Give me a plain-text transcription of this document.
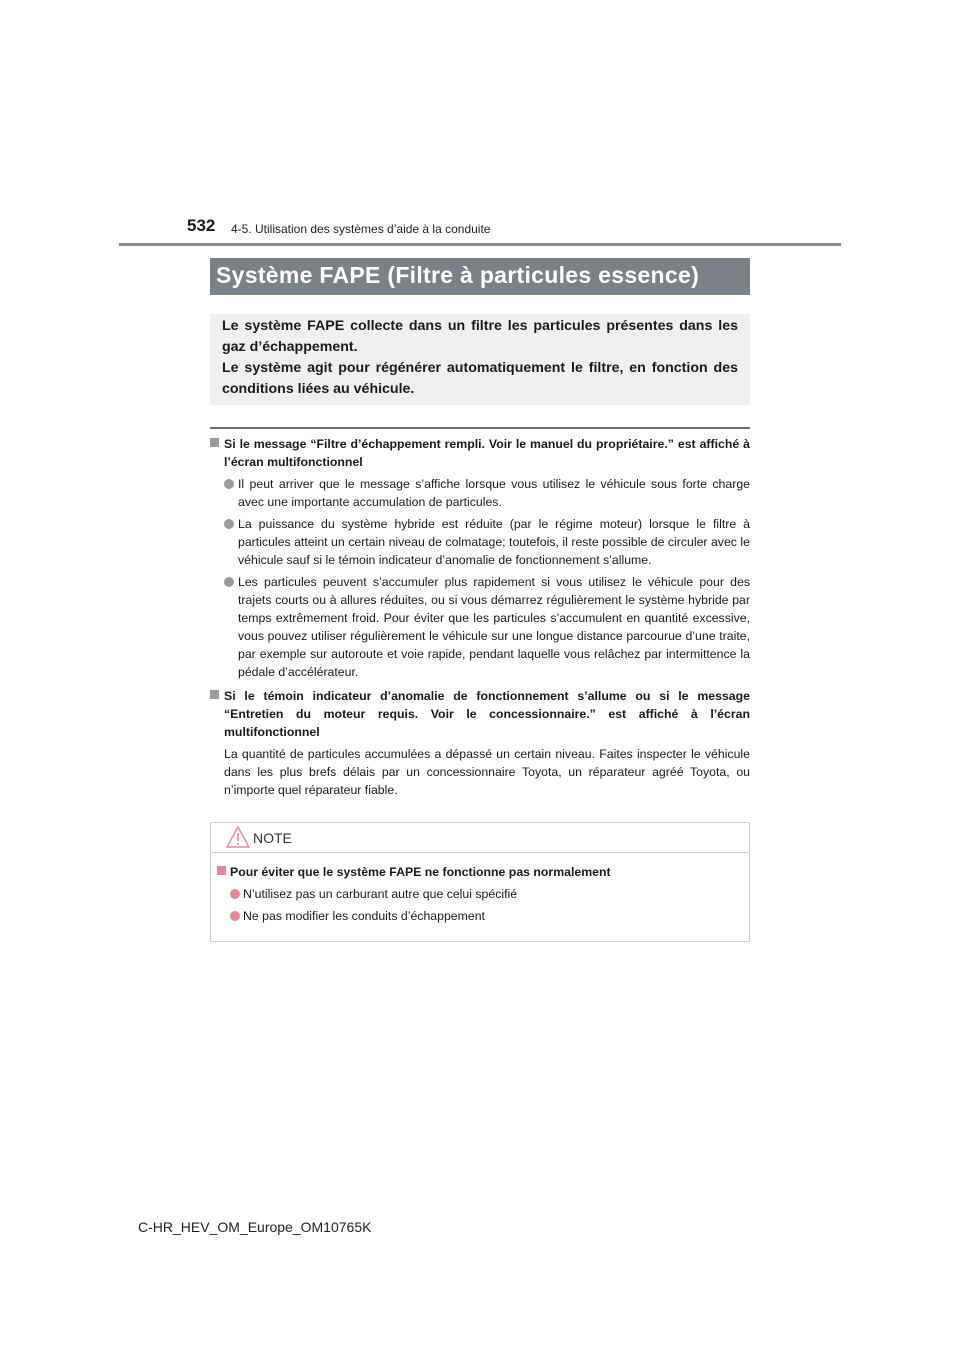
532 4-5. Utilisation des systèmes d’aide à la conduite
Système FAPE (Filtre à particules essence)

Le système FAPE collecte dans un filtre les particules présentes dans les gaz d’échappement.

Le système agit pour régénérer automatiquement le filtre, en fonction des conditions liées au véhicule.

Si le message “Filtre d’échappement rempli. Voir le manuel du propriétaire.” est affiché à l’écran multifonctionnel
Il peut arriver que le message s’affiche lorsque vous utilisez le véhicule sous forte charge avec une importante accumulation de particules.
La puissance du système hybride est réduite (par le régime moteur) lorsque le filtre à particules atteint un certain niveau de colmatage; toutefois, il reste possible de circuler avec le véhicule sauf si le témoin indicateur d’anomalie de fonctionnement s’allume.
Les particules peuvent s’accumuler plus rapidement si vous utilisez le véhicule pour des trajets courts ou à allures réduites, ou si vous démarrez régulièrement le système hybride par temps extrêmement froid. Pour éviter que les particules s’accumulent en quantité excessive, vous pouvez utiliser régulièrement le véhicule sur une longue distance parcourue d’une traite, par exemple sur autoroute et voie rapide, pendant laquelle vous relâchez par intermittence la pédale d’accélérateur.
Si le témoin indicateur d’anomalie de fonctionnement s’allume ou si le message “Entretien du moteur requis. Voir le concessionnaire.” est affiché à l’écran multifonctionnel
La quantité de particules accumulées a dépassé un certain niveau. Faites inspecter le véhicule dans les plus brefs délais par un concessionnaire Toyota, un réparateur agréé Toyota, ou n’importe quel réparateur fiable.
NOTE
Pour éviter que le système FAPE ne fonctionne pas normalement
N’utilisez pas un carburant autre que celui spécifié
Ne pas modifier les conduits d’échappement
C-HR_HEV_OM_Europe_OM10765K
